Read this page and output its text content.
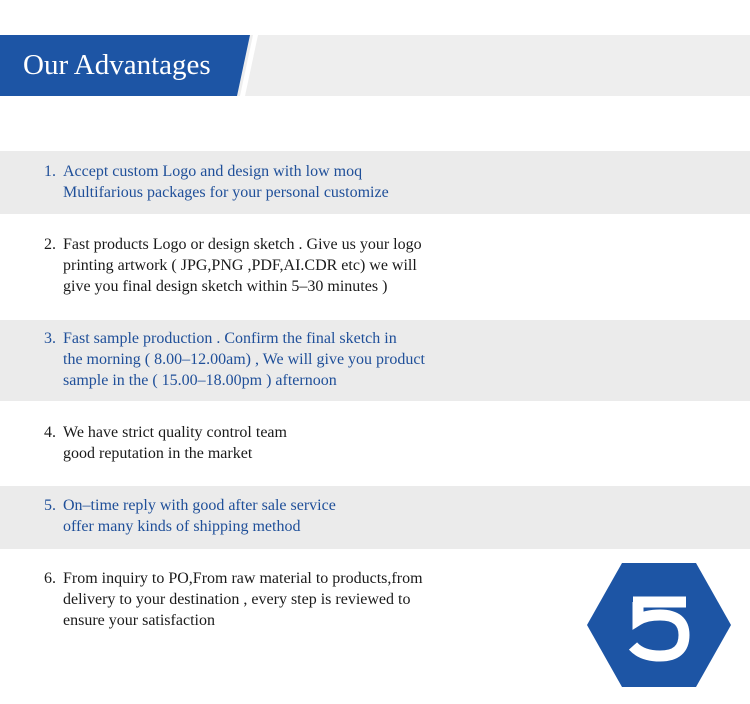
Our Advantages
1. Accept custom Logo and design with low moq
Multifarious packages for your personal customize
2. Fast products Logo or design sketch . Give us your logo
printing artwork ( JPG,PNG ,PDF,AI.CDR etc) we will
give you final design sketch within 5–30 minutes )
3. Fast sample production . Confirm the final sketch in
the morning ( 8.00–12.00am) , We will give you product
sample in the ( 15.00–18.00pm ) afternoon
4. We have strict quality control team
good reputation in the market
5. On–time reply with good after sale service
offer many kinds of shipping method
6. From inquiry to PO,From raw material to products,from
delivery to your destination , every step is reviewed to
ensure your satisfaction
